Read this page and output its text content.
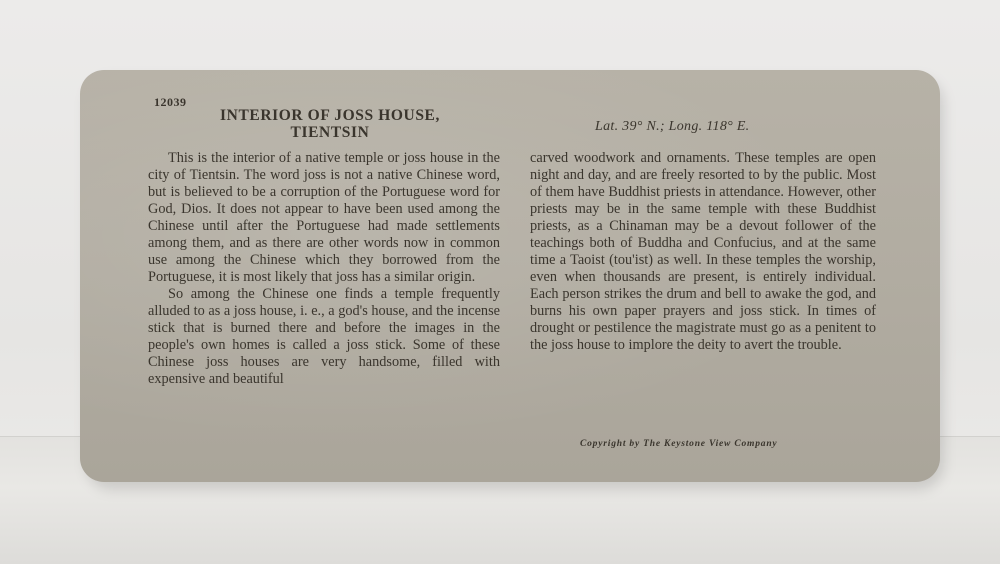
12039
INTERIOR OF JOSS HOUSE,
TIENTSIN	Lat. 39° N.; Long. 118° E.

This is the interior of a native temple or joss house in the city of Tientsin. The word joss is not a native Chinese word, but is believed to be a corruption of the Portuguese word for God, Dios. It does not appear to have been used among the Chinese until after the Portuguese had made settlements among them, and as there are other words now in common use among the Chinese which they borrowed from the Portuguese, it is most likely that joss has a similar origin.

So among the Chinese one finds a temple frequently alluded to as a joss house, i. e., a god's house, and the incense stick that is burned there and before the images in the people's own homes is called a joss stick. Some of these Chinese joss houses are very handsome, filled with expensive and beautiful

carved woodwork and ornaments. These temples are open night and day, and are freely resorted to by the public. Most of them have Buddhist priests in attendance. However, other priests may be in the same temple with these Buddhist priests, as a Chinaman may be a devout follower of the teachings both of Buddha and Confucius, and at the same time a Taoist (tou'ist) as well. In these temples the worship, even when thousands are present, is entirely individual. Each person strikes the drum and bell to awake the god, and burns his own paper prayers and joss stick. In times of drought or pestilence the magistrate must go as a penitent to the joss house to implore the deity to avert the trouble.

Copyright by The Keystone View Company
